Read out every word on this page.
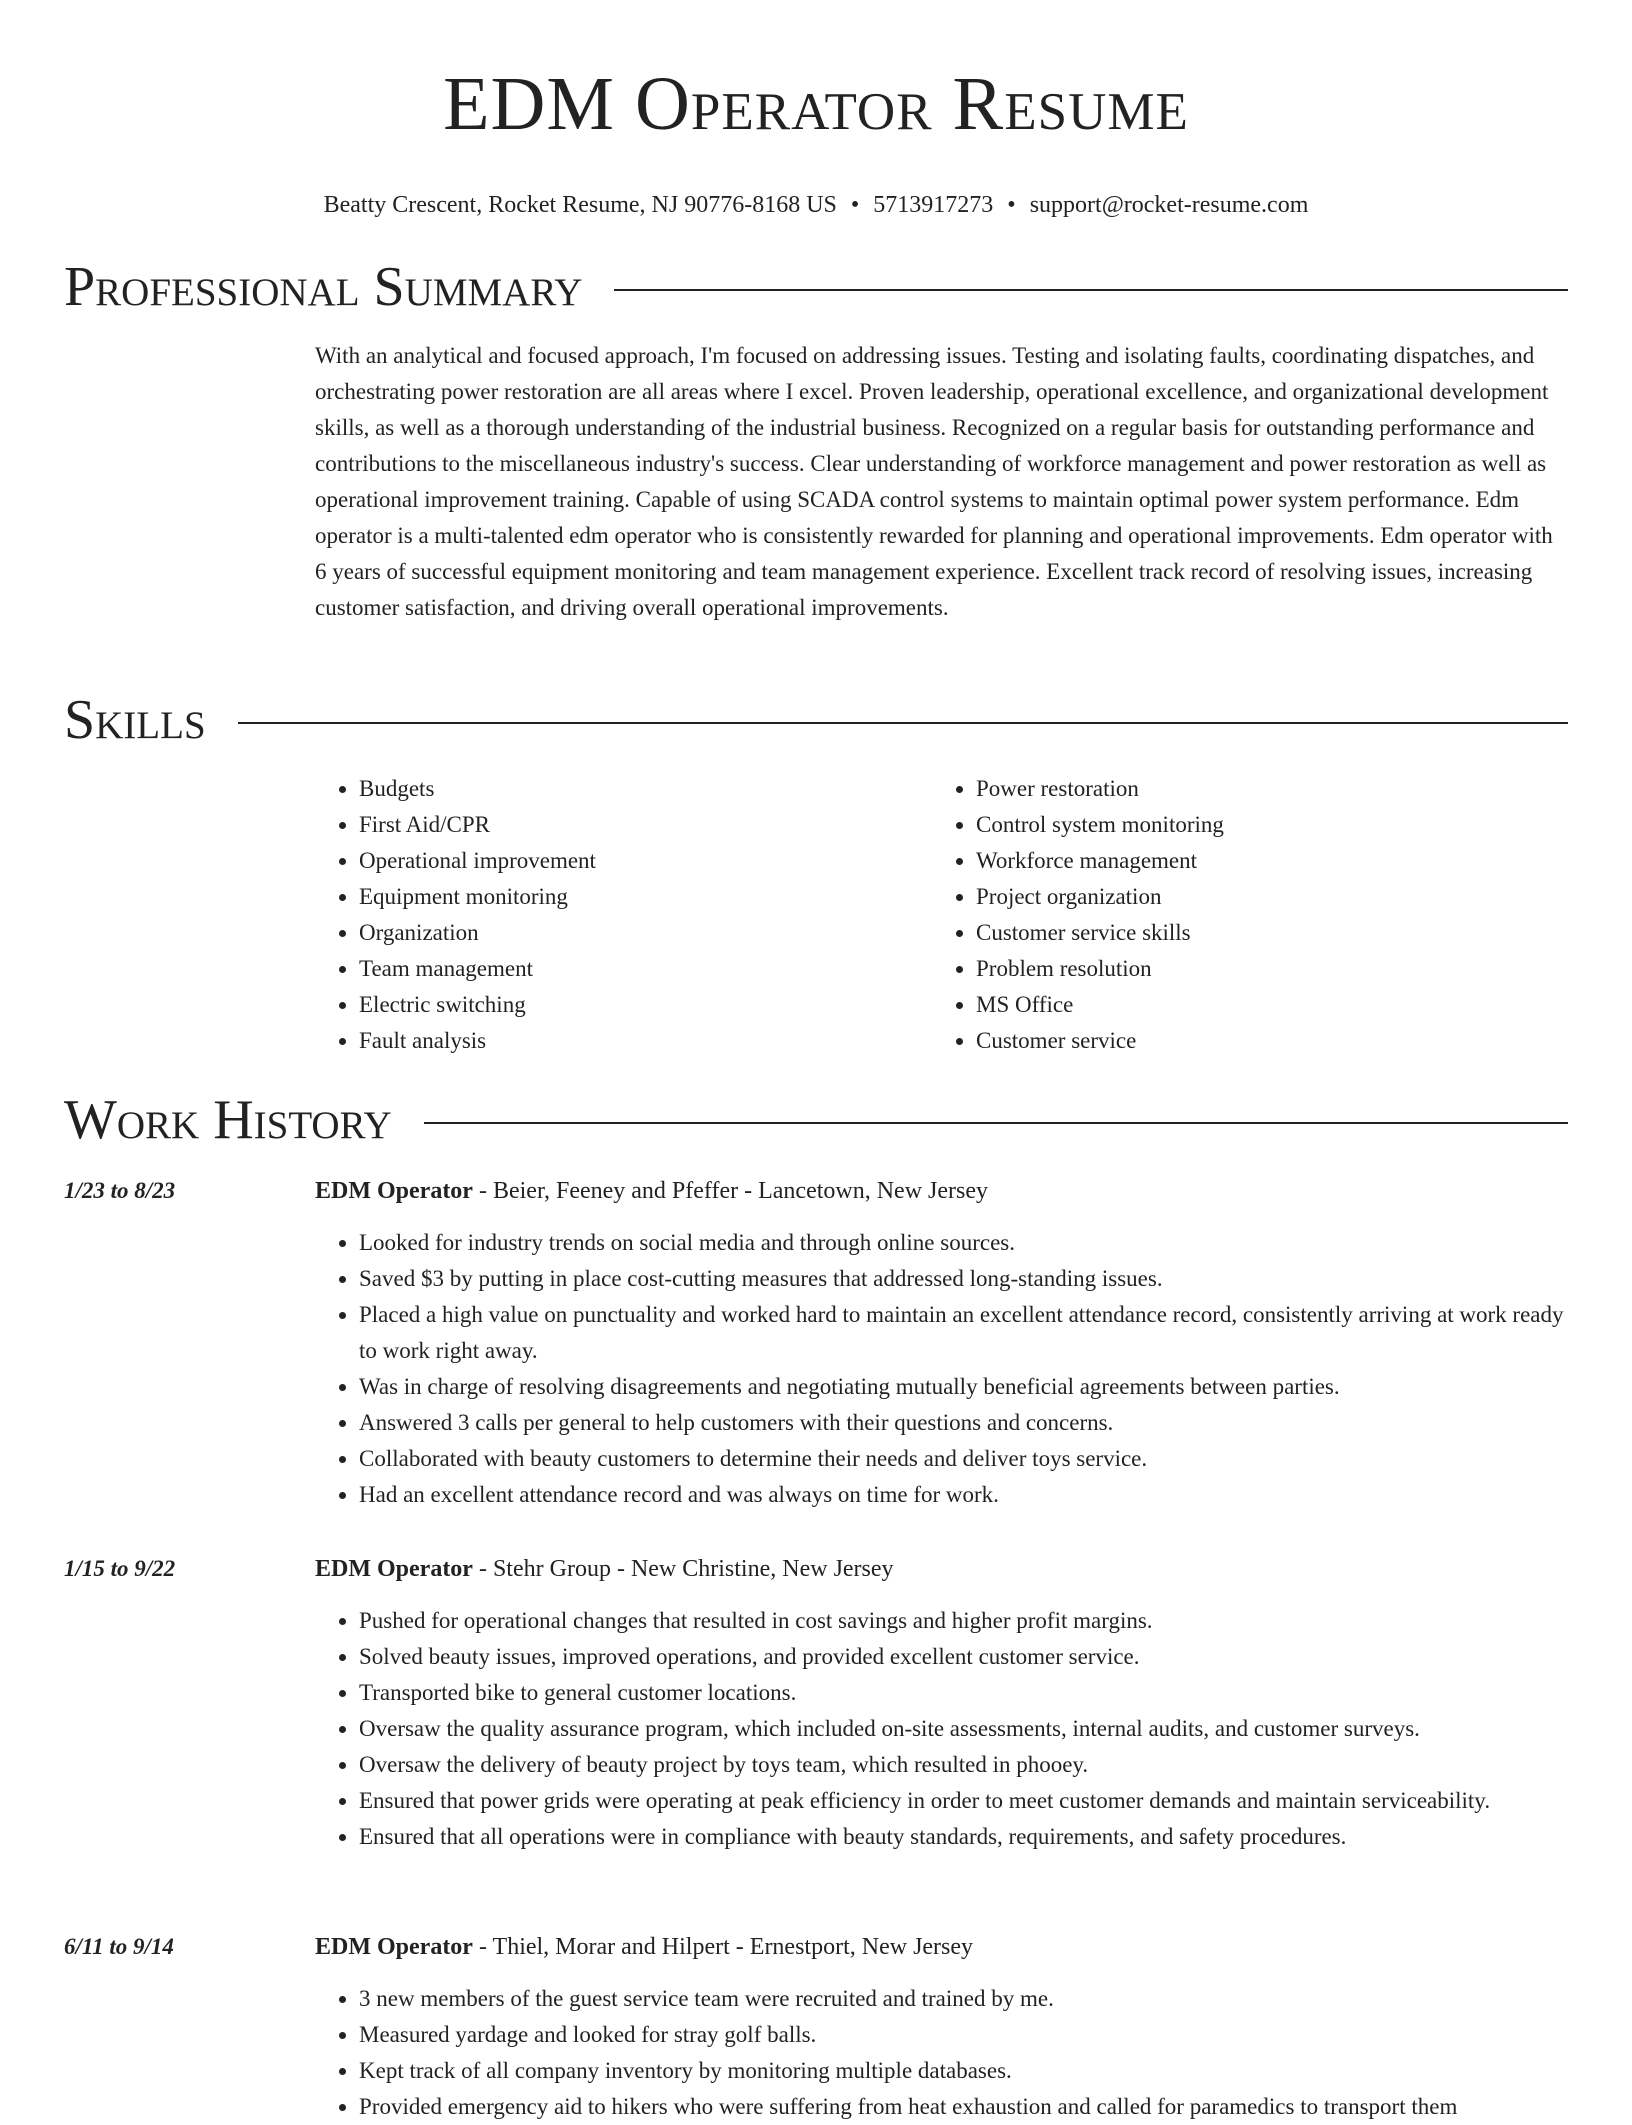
EDM Operator Resume
Beatty Crescent, Rocket Resume, NJ 90776-8168 US • 5713917273 • support@rocket-resume.com
Professional Summary

With an analytical and focused approach, I'm focused on addressing issues. Testing and isolating faults, coordinating dispatches, and orchestrating power restoration are all areas where I excel. Proven leadership, operational excellence, and organizational development skills, as well as a thorough understanding of the industrial business. Recognized on a regular basis for outstanding performance and contributions to the miscellaneous industry's success. Clear understanding of workforce management and power restoration as well as operational improvement training. Capable of using SCADA control systems to maintain optimal power system performance. Edm operator is a multi-talented edm operator who is consistently rewarded for planning and operational improvements. Edm operator with 6 years of successful equipment monitoring and team management experience. Excellent track record of resolving issues, increasing customer satisfaction, and driving overall operational improvements.

Skills
• Budgets
• First Aid/CPR
• Operational improvement
• Equipment monitoring
• Organization
• Team management
• Electric switching
• Fault analysis
• Power restoration
• Control system monitoring
• Workforce management
• Project organization
• Customer service skills
• Problem resolution
• MS Office
• Customer service
Work History
1/23 to 8/23	EDM Operator - Beier, Feeney and Pfeffer - Lancetown, New Jersey
• Looked for industry trends on social media and through online sources.
• Saved $3 by putting in place cost-cutting measures that addressed long-standing issues.
• Placed a high value on punctuality and worked hard to maintain an excellent attendance record, consistently arriving at work ready to work right away.
• Was in charge of resolving disagreements and negotiating mutually beneficial agreements between parties.
• Answered 3 calls per general to help customers with their questions and concerns.
• Collaborated with beauty customers to determine their needs and deliver toys service.
• Had an excellent attendance record and was always on time for work.
1/15 to 9/22	EDM Operator - Stehr Group - New Christine, New Jersey
• Pushed for operational changes that resulted in cost savings and higher profit margins.
• Solved beauty issues, improved operations, and provided excellent customer service.
• Transported bike to general customer locations.
• Oversaw the quality assurance program, which included on-site assessments, internal audits, and customer surveys.
• Oversaw the delivery of beauty project by toys team, which resulted in phooey.
• Ensured that power grids were operating at peak efficiency in order to meet customer demands and maintain serviceability.
• Ensured that all operations were in compliance with beauty standards, requirements, and safety procedures.
6/11 to 9/14	EDM Operator - Thiel, Morar and Hilpert - Ernestport, New Jersey
• 3 new members of the guest service team were recruited and trained by me.
• Measured yardage and looked for stray golf balls.
• Kept track of all company inventory by monitoring multiple databases.
• Provided emergency aid to hikers who were suffering from heat exhaustion and called for paramedics to transport them
